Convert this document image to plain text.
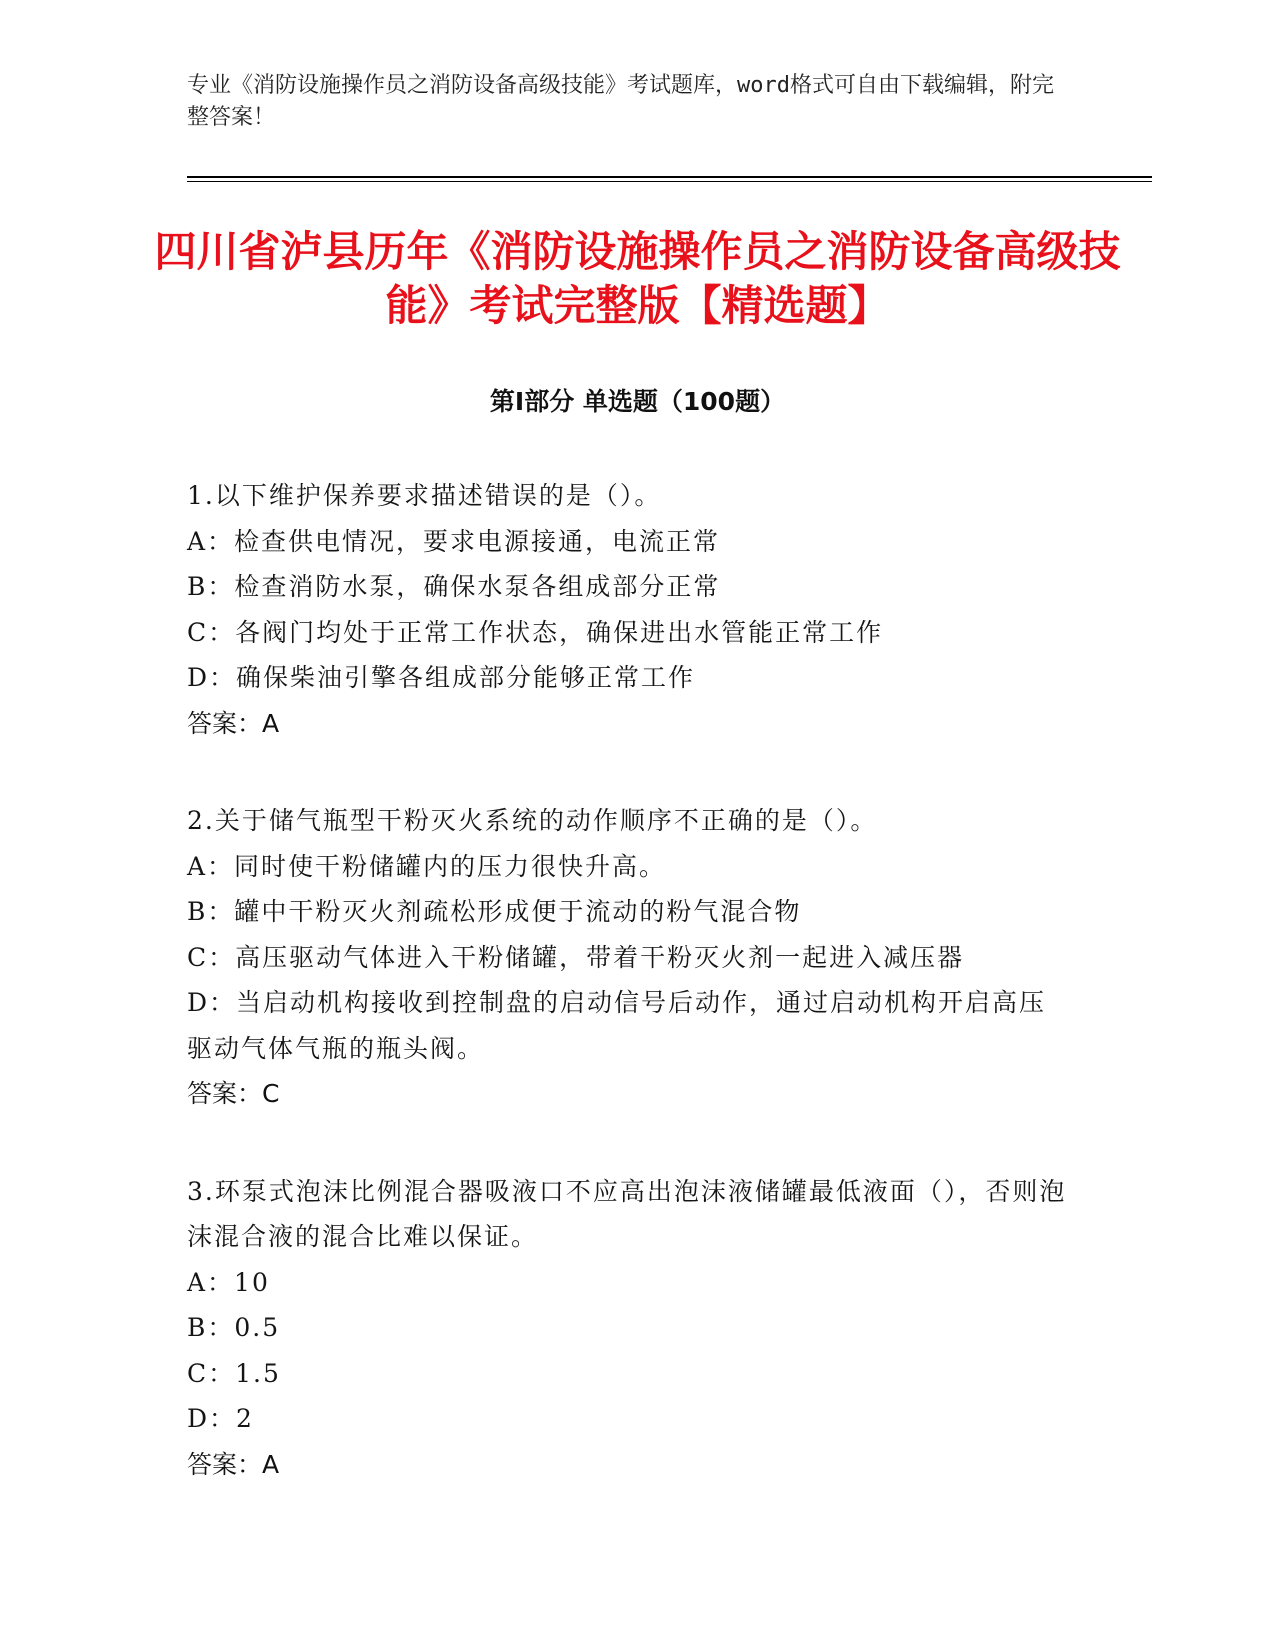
专业《消防设施操作员之消防设备高级技能》考试题库，word格式可自由下载编辑，附完整答案！

四川省泸县历年《消防设施操作员之消防设备高级技能》考试完整版【精选题】
第Ⅰ部分 单选题（100题）

1.以下维护保养要求描述错误的是（）。

A：检查供电情况，要求电源接通，电流正常

B：检查消防水泵，确保水泵各组成部分正常

C：各阀门均处于正常工作状态，确保进出水管能正常工作

D：确保柴油引擎各组成部分能够正常工作

答案：A

2.关于储气瓶型干粉灭火系统的动作顺序不正确的是（）。

A：同时使干粉储罐内的压力很快升高。

B：罐中干粉灭火剂疏松形成便于流动的粉气混合物

C：高压驱动气体进入干粉储罐，带着干粉灭火剂一起进入减压器

D：当启动机构接收到控制盘的启动信号后动作，通过启动机构开启高压驱动气体气瓶的瓶头阀。

答案：C

3.环泵式泡沫比例混合器吸液口不应高出泡沫液储罐最低液面（），否则泡沫混合液的混合比难以保证。

A：10

B：0.5

C：1.5

D：2

答案：A
